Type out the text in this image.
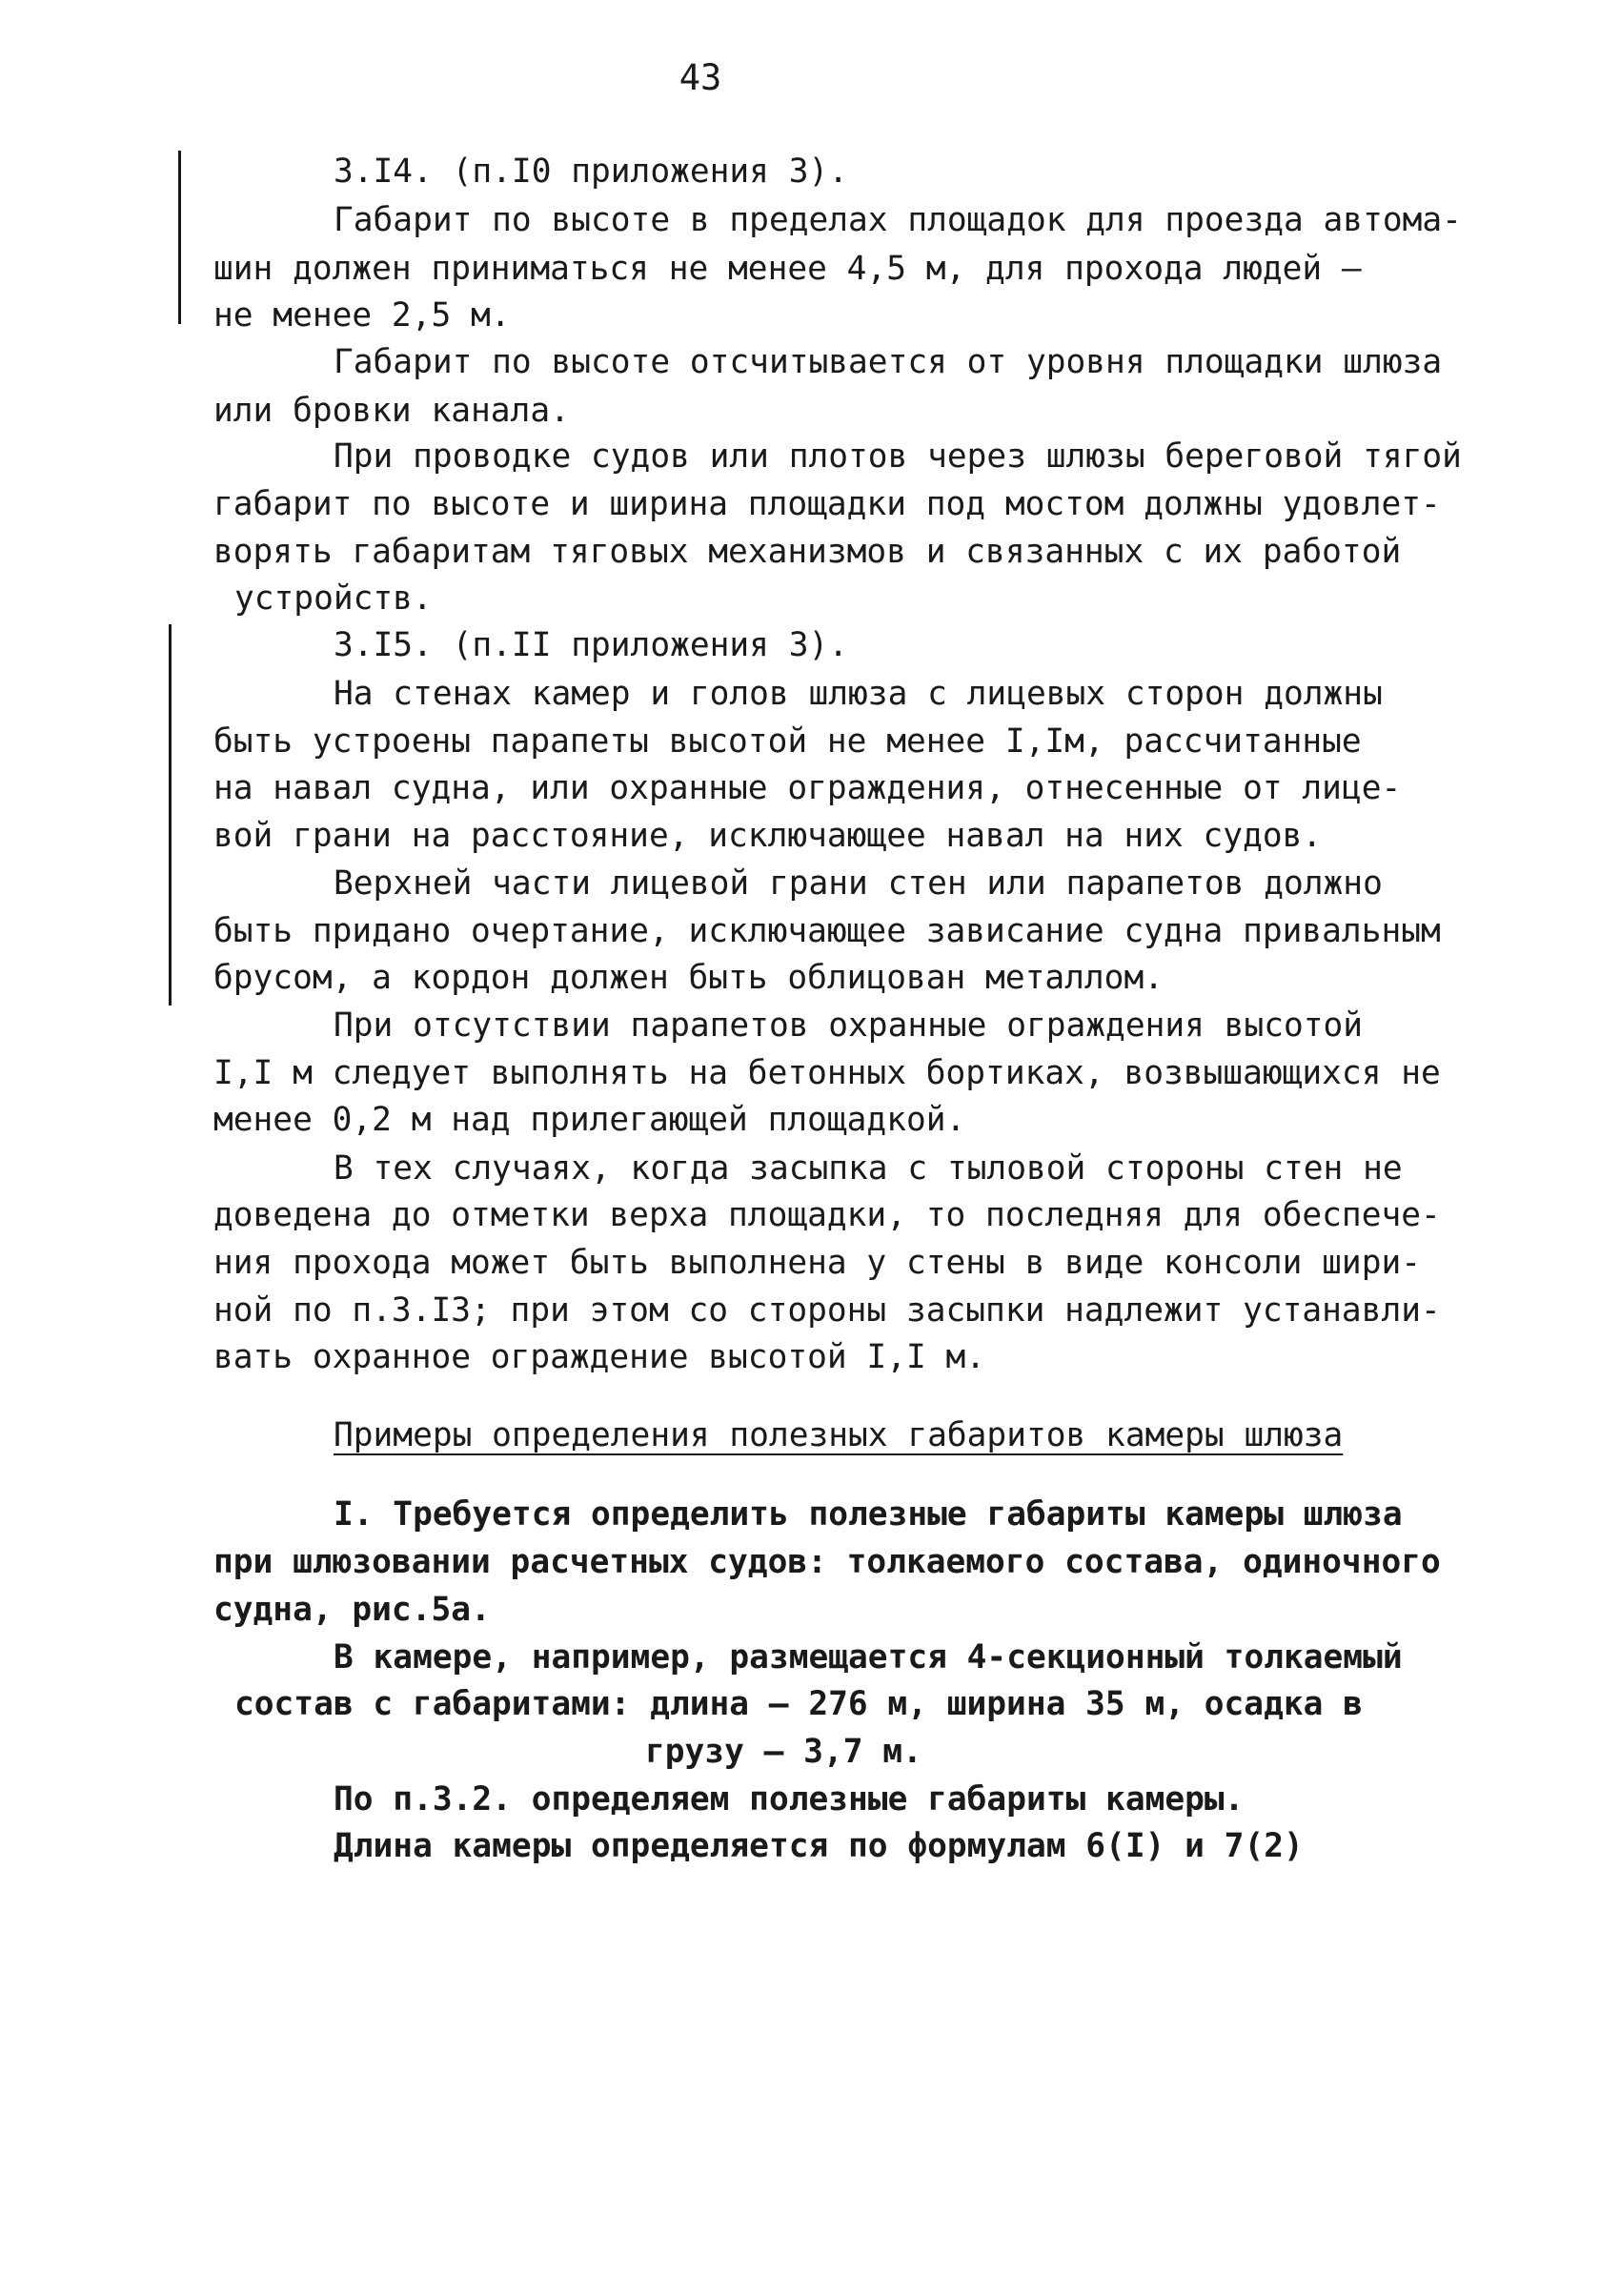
43
3.I4. (п.I0 приложения 3).
Габарит по высоте в пределах площадок для проезда автома-
шин должен приниматься не менее 4,5 м, для прохода людей –
не менее 2,5 м.
Габарит по высоте отсчитывается от уровня площадки шлюза
или бровки канала.
При проводке судов или плотов через шлюзы береговой тягой
габарит по высоте и ширина площадки под мостом должны удовлет-
ворять габаритам тяговых механизмов и связанных с их работой
устройств.
3.I5. (п.II приложения 3).
На стенах камер и голов шлюза с лицевых сторон должны
быть устроены парапеты высотой не менее I,Iм, рассчитанные
на навал судна, или охранные ограждения, отнесенные от лице-
вой грани на расстояние, исключающее навал на них судов.
Верхней части лицевой грани стен или парапетов должно
быть придано очертание, исключающее зависание судна привальным
брусом, а кордон должен быть облицован металлом.
При отсутствии парапетов охранные ограждения высотой
I,I м следует выполнять на бетонных бортиках, возвышающихся не
менее 0,2 м над прилегающей площадкой.
В тех случаях, когда засыпка с тыловой стороны стен не
доведена до отметки верха площадки, то последняя для обеспече-
ния прохода может быть выполнена у стены в виде консоли шири-
ной по п.3.I3; при этом со стороны засыпки надлежит устанавли-
вать охранное ограждение высотой I,I м.
Примеры определения полезных габаритов камеры шлюза
I. Требуется определить полезные габариты камеры шлюза
при шлюзовании расчетных судов: толкаемого состава, одиночного
судна, рис.5а.
В камере, например, размещается 4-секционный толкаемый
состав с габаритами: длина – 276 м, ширина 35 м, осадка в
грузу – 3,7 м.
По п.3.2. определяем полезные габариты камеры.
Длина камеры определяется по формулам 6(I) и 7(2)
